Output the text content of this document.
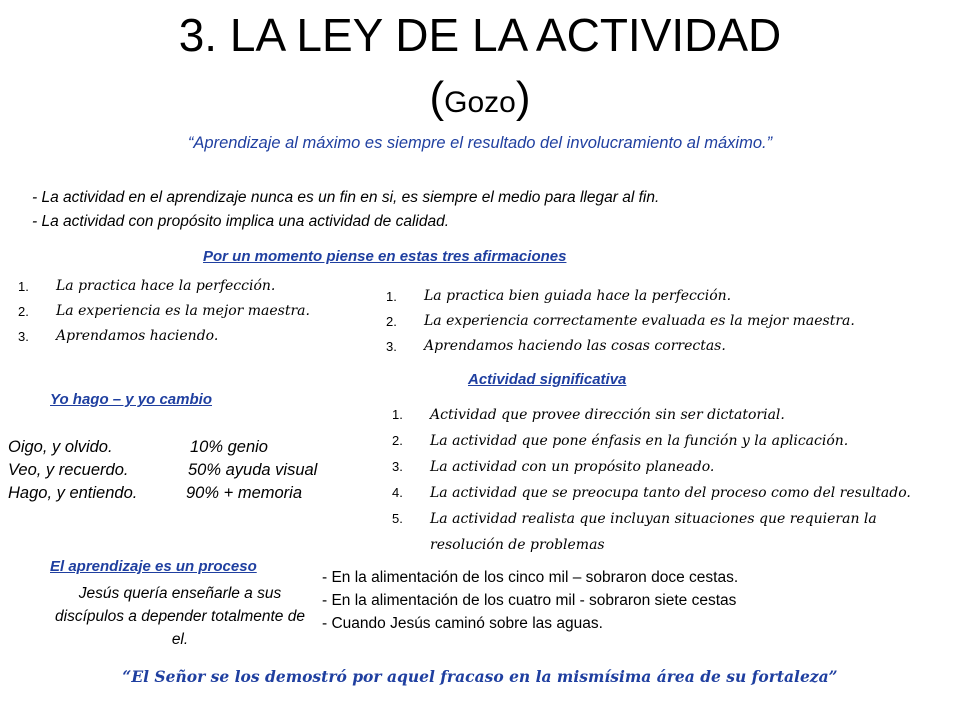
3. LA LEY DE LA ACTIVIDAD
(Gozo)
“Aprendizaje al máximo es siempre el resultado del involucramiento al máximo.”
- La actividad en el aprendizaje nunca es un fin en si, es siempre el medio para llegar al fin.
- La actividad con propósito implica una actividad de calidad.
Por un momento piense en estas tres afirmaciones
1. La practica hace la perfección.
2. La experiencia es la mejor maestra.
3. Aprendamos haciendo.
1. La practica bien guiada hace la perfección.
2. La experiencia correctamente evaluada es la mejor maestra.
3. Aprendamos haciendo las cosas correctas.
Actividad significativa
Yo hago – y yo cambio
Oigo, y olvido.	10% genio
Veo, y recuerdo.	50% ayuda visual
Hago, y entiendo.	90% + memoria
1. Actividad que provee dirección sin ser dictatorial.
2. La actividad que pone énfasis en la función y la aplicación.
3. La actividad con un propósito planeado.
4. La actividad que se preocupa tanto del proceso como del resultado.
5. La actividad realista que incluyan situaciones que requieran la resolución de problemas
El aprendizaje es un proceso
Jesús quería enseñarle a sus discípulos a depender totalmente de el.
- En la alimentación de los cinco mil – sobraron doce cestas.
- En la alimentación de los cuatro mil - sobraron siete cestas
- Cuando Jesús caminó sobre las aguas.
“El Señor se los demostró por aquel fracaso en la mismísima área de su fortaleza”
